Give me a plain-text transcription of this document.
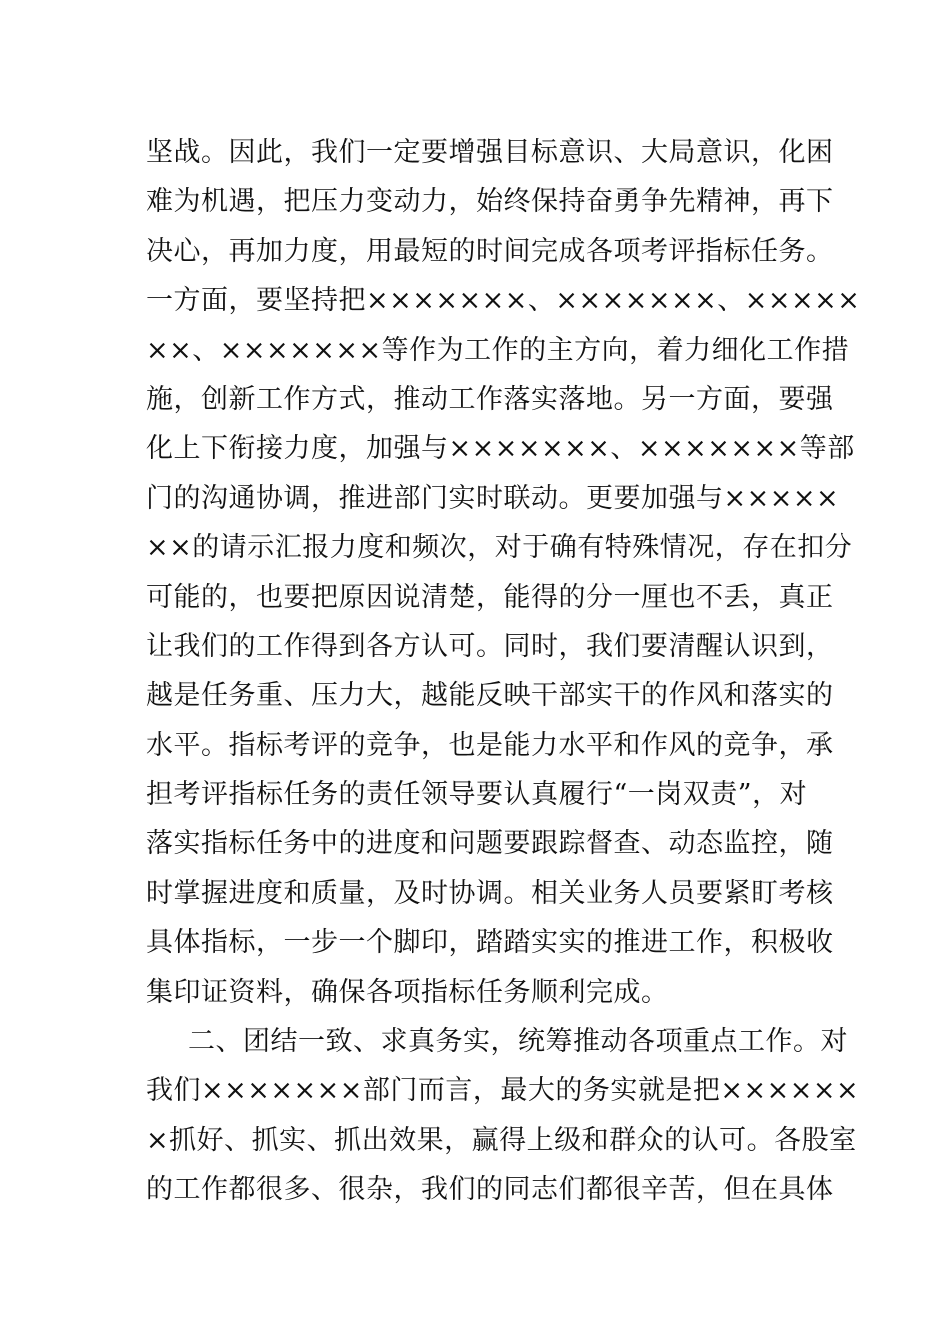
坚战。因此，我们一定要增强目标意识、大局意识，化困
难为机遇，把压力变动力，始终保持奋勇争先精神，再下
决心，再加力度，用最短的时间完成各项考评指标任务。
一方面，要坚持把×××××××、×××××××、×××××
××、×××××××等作为工作的主方向，着力细化工作措
施，创新工作方式，推动工作落实落地。另一方面，要强
化上下衔接力度，加强与×××××××、×××××××等部
门的沟通协调，推进部门实时联动。更要加强与×××××
××的请示汇报力度和频次，对于确有特殊情况，存在扣分
可能的，也要把原因说清楚，能得的分一厘也不丢，真正
让我们的工作得到各方认可。同时，我们要清醒认识到，
越是任务重、压力大，越能反映干部实干的作风和落实的
水平。指标考评的竞争，也是能力水平和作风的竞争，承
担考评指标任务的责任领导要认真履行“一岗双责”，对
落实指标任务中的进度和问题要跟踪督查、动态监控，随
时掌握进度和质量，及时协调。相关业务人员要紧盯考核
具体指标，一步一个脚印，踏踏实实的推进工作，积极收
集印证资料，确保各项指标任务顺利完成。
二、团结一致、求真务实，统筹推动各项重点工作。对
我们×××××××部门而言，最大的务实就是把××××××
×抓好、抓实、抓出效果，赢得上级和群众的认可。各股室
的工作都很多、很杂，我们的同志们都很辛苦，但在具体
